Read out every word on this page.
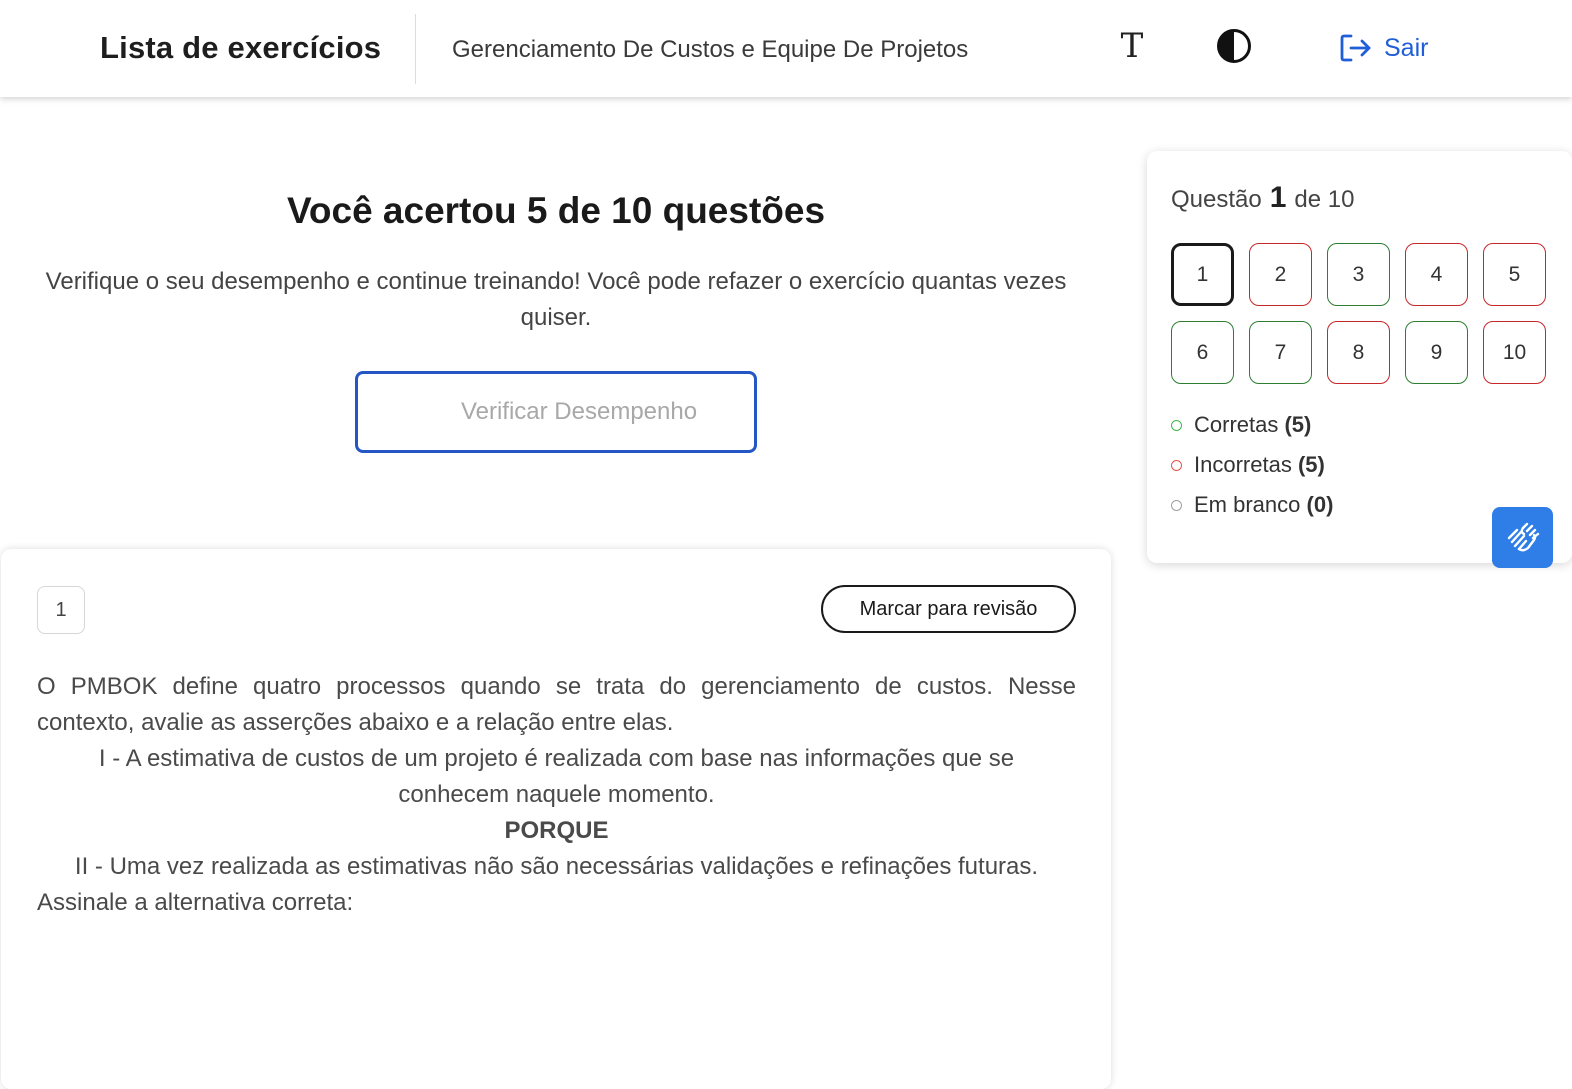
Lista de exercícios	Gerenciamento De Custos e Equipe De Projetos	T	Sair
Você acertou 5 de 10 questões
Verifique o seu desempenho e continue treinando! Você pode refazer o exercício quantas vezes quiser.
Verificar Desempenho
Questão 1 de 10
1	2	3	4	5
6	7	8	9	10
Corretas (5)
Incorretas (5)
Em branco (0)
1	Marcar para revisão
O PMBOK define quatro processos quando se trata do gerenciamento de custos. Nesse
contexto, avalie as asserções abaixo e a relação entre elas.
I - A estimativa de custos de um projeto é realizada com base nas informações que se
conhecem naquele momento.
PORQUE
II - Uma vez realizada as estimativas não são necessárias validações e refinações futuras.
Assinale a alternativa correta:
